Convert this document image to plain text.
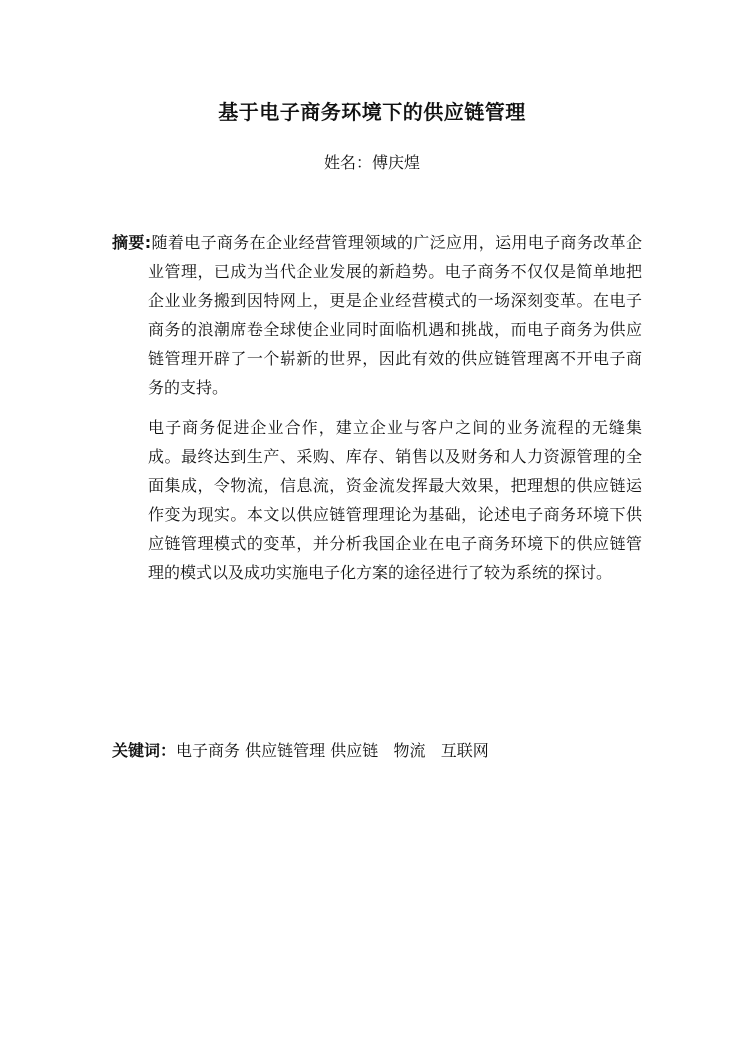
基于电子商务环境下的供应链管理
姓名：傅庆煌

摘要:随着电子商务在企业经营管理领域的广泛应用，运用电子商务改革企业管理，已成为当代企业发展的新趋势。电子商务不仅仅是简单地把企业业务搬到因特网上，更是企业经营模式的一场深刻变革。在电子商务的浪潮席卷全球使企业同时面临机遇和挑战，而电子商务为供应链管理开辟了一个崭新的世界，因此有效的供应链管理离不开电子商务的支持。

电子商务促进企业合作，建立企业与客户之间的业务流程的无缝集成。最终达到生产、采购、库存、销售以及财务和人力资源管理的全面集成，令物流，信息流，资金流发挥最大效果，把理想的供应链运作变为现实。本文以供应链管理理论为基础，论述电子商务环境下供应链管理模式的变革，并分析我国企业在电子商务环境下的供应链管理的模式以及成功实施电子化方案的途径进行了较为系统的探讨。

关键词：电子商务 供应链管理 供应链   物流   互联网
